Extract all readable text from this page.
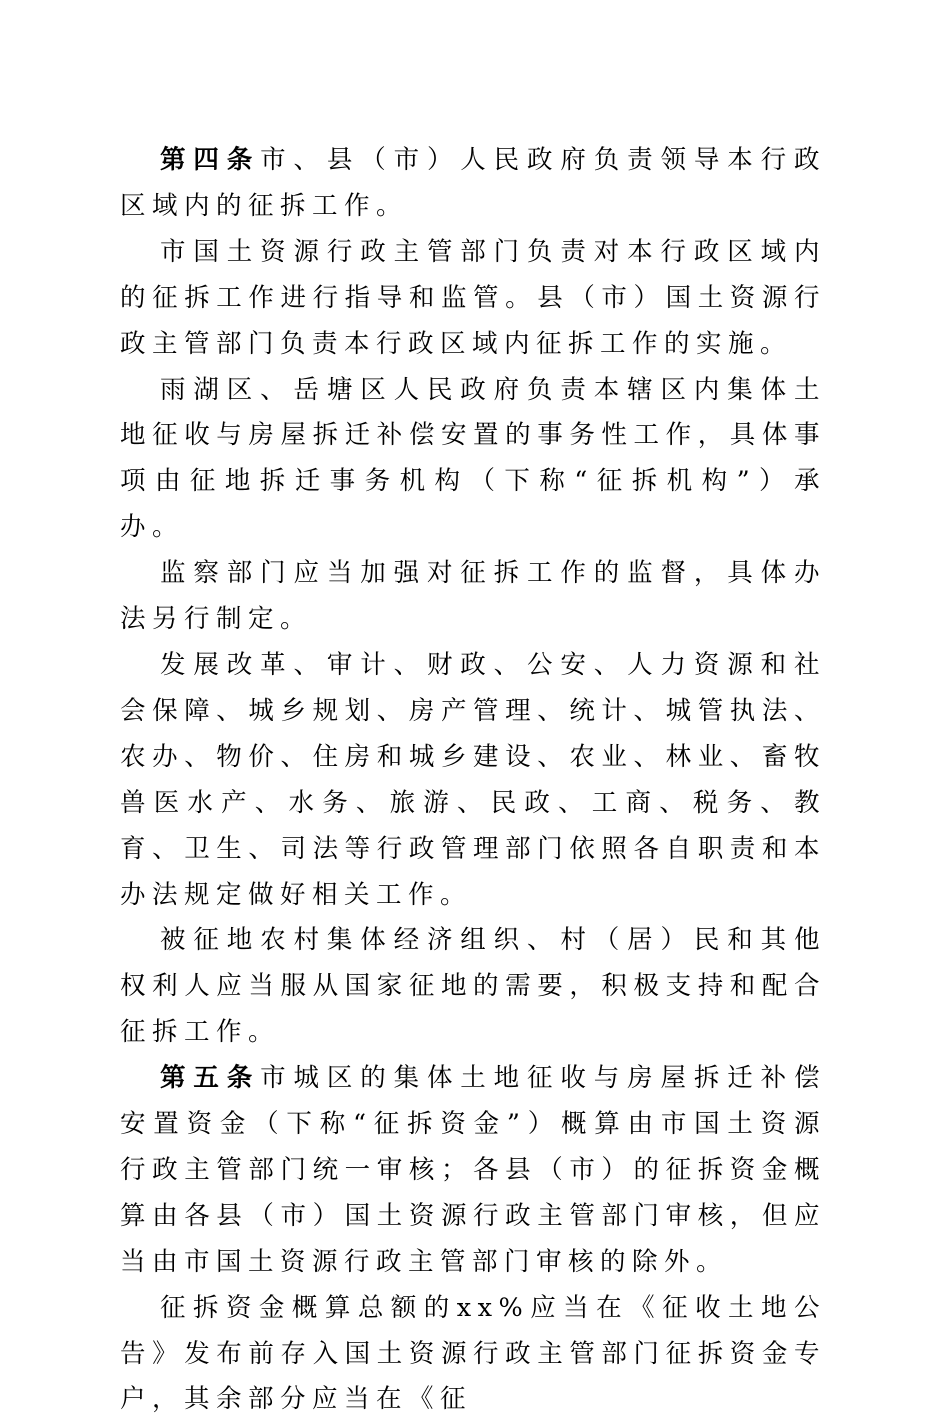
第四条市、县（市）人民政府负责领导本行政区域内的征拆工作。

市国土资源行政主管部门负责对本行政区域内的征拆工作进行指导和监管。县（市）国土资源行政主管部门负责本行政区域内征拆工作的实施。

雨湖区、岳塘区人民政府负责本辖区内集体土地征收与房屋拆迁补偿安置的事务性工作，具体事项由征地拆迁事务机构（下称“征拆机构”）承办。

监察部门应当加强对征拆工作的监督，具体办法另行制定。

发展改革、审计、财政、公安、人力资源和社会保障、城乡规划、房产管理、统计、城管执法、农办、物价、住房和城乡建设、农业、林业、畜牧兽医水产、水务、旅游、民政、工商、税务、教育、卫生、司法等行政管理部门依照各自职责和本办法规定做好相关工作。

被征地农村集体经济组织、村（居）民和其他权利人应当服从国家征地的需要，积极支持和配合征拆工作。

第五条市城区的集体土地征收与房屋拆迁补偿安置资金（下称“征拆资金”）概算由市国土资源行政主管部门统一审核；各县（市）的征拆资金概算由各县（市）国土资源行政主管部门审核，但应当由市国土资源行政主管部门审核的除外。

征拆资金概算总额的xx%应当在《征收土地公告》发布前存入国土资源行政主管部门征拆资金专户，其余部分应当在《征
